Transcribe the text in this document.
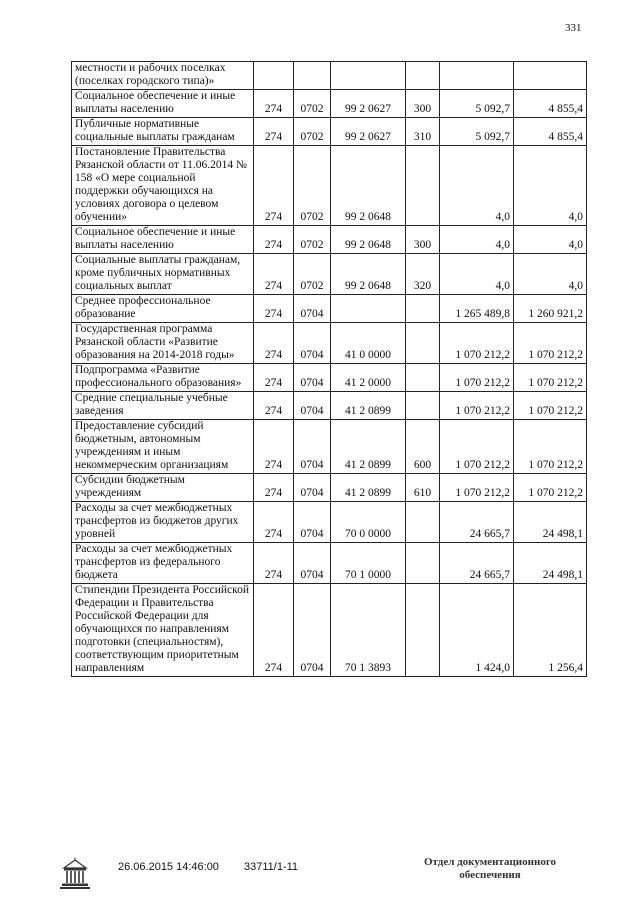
331
местности и рабочих поселках (поселках городского типа)»						
Социальное обеспечение и иные выплаты населению	274	0702	99 2 0627	300	5 092,7	4 855,4
Публичные нормативные социальные выплаты гражданам	274	0702	99 2 0627	310	5 092,7	4 855,4
Постановление Правительства Рязанской области от 11.06.2014 № 158 «О мере социальной поддержки обучающихся на условиях договора о целевом обучении»	274	0702	99 2 0648		4,0	4,0
Социальное обеспечение и иные выплаты населению	274	0702	99 2 0648	300	4,0	4,0
Социальные выплаты гражданам, кроме публичных нормативных социальных выплат	274	0702	99 2 0648	320	4,0	4,0
Среднее профессиональное образование	274	0704			1 265 489,8	1 260 921,2
Государственная программа Рязанской области «Развитие образования на 2014-2018 годы»	274	0704	41 0 0000		1 070 212,2	1 070 212,2
Подпрограмма «Развитие профессионального образования»	274	0704	41 2 0000		1 070 212,2	1 070 212,2
Средние специальные учебные заведения	274	0704	41 2 0899		1 070 212,2	1 070 212,2
Предоставление субсидий бюджетным, автономным учреждениям и иным некоммерческим организациям	274	0704	41 2 0899	600	1 070 212,2	1 070 212,2
Субсидии бюджетным учреждениям	274	0704	41 2 0899	610	1 070 212,2	1 070 212,2
Расходы за счет межбюджетных трансфертов из бюджетов других уровней	274	0704	70 0 0000		24 665,7	24 498,1
Расходы за счет межбюджетных трансфертов из федерального бюджета	274	0704	70 1 0000		24 665,7	24 498,1
Стипендии Президента Российской Федерации и Правительства Российской Федерации для обучающихся по направлениям подготовки (специальностям), соответствующим приоритетным направлениям	274	0704	70 1 3893		1 424,0	1 256,4
26.06.2015 14:46:00 33711/1-11	Отдел документационного
обеспечения
